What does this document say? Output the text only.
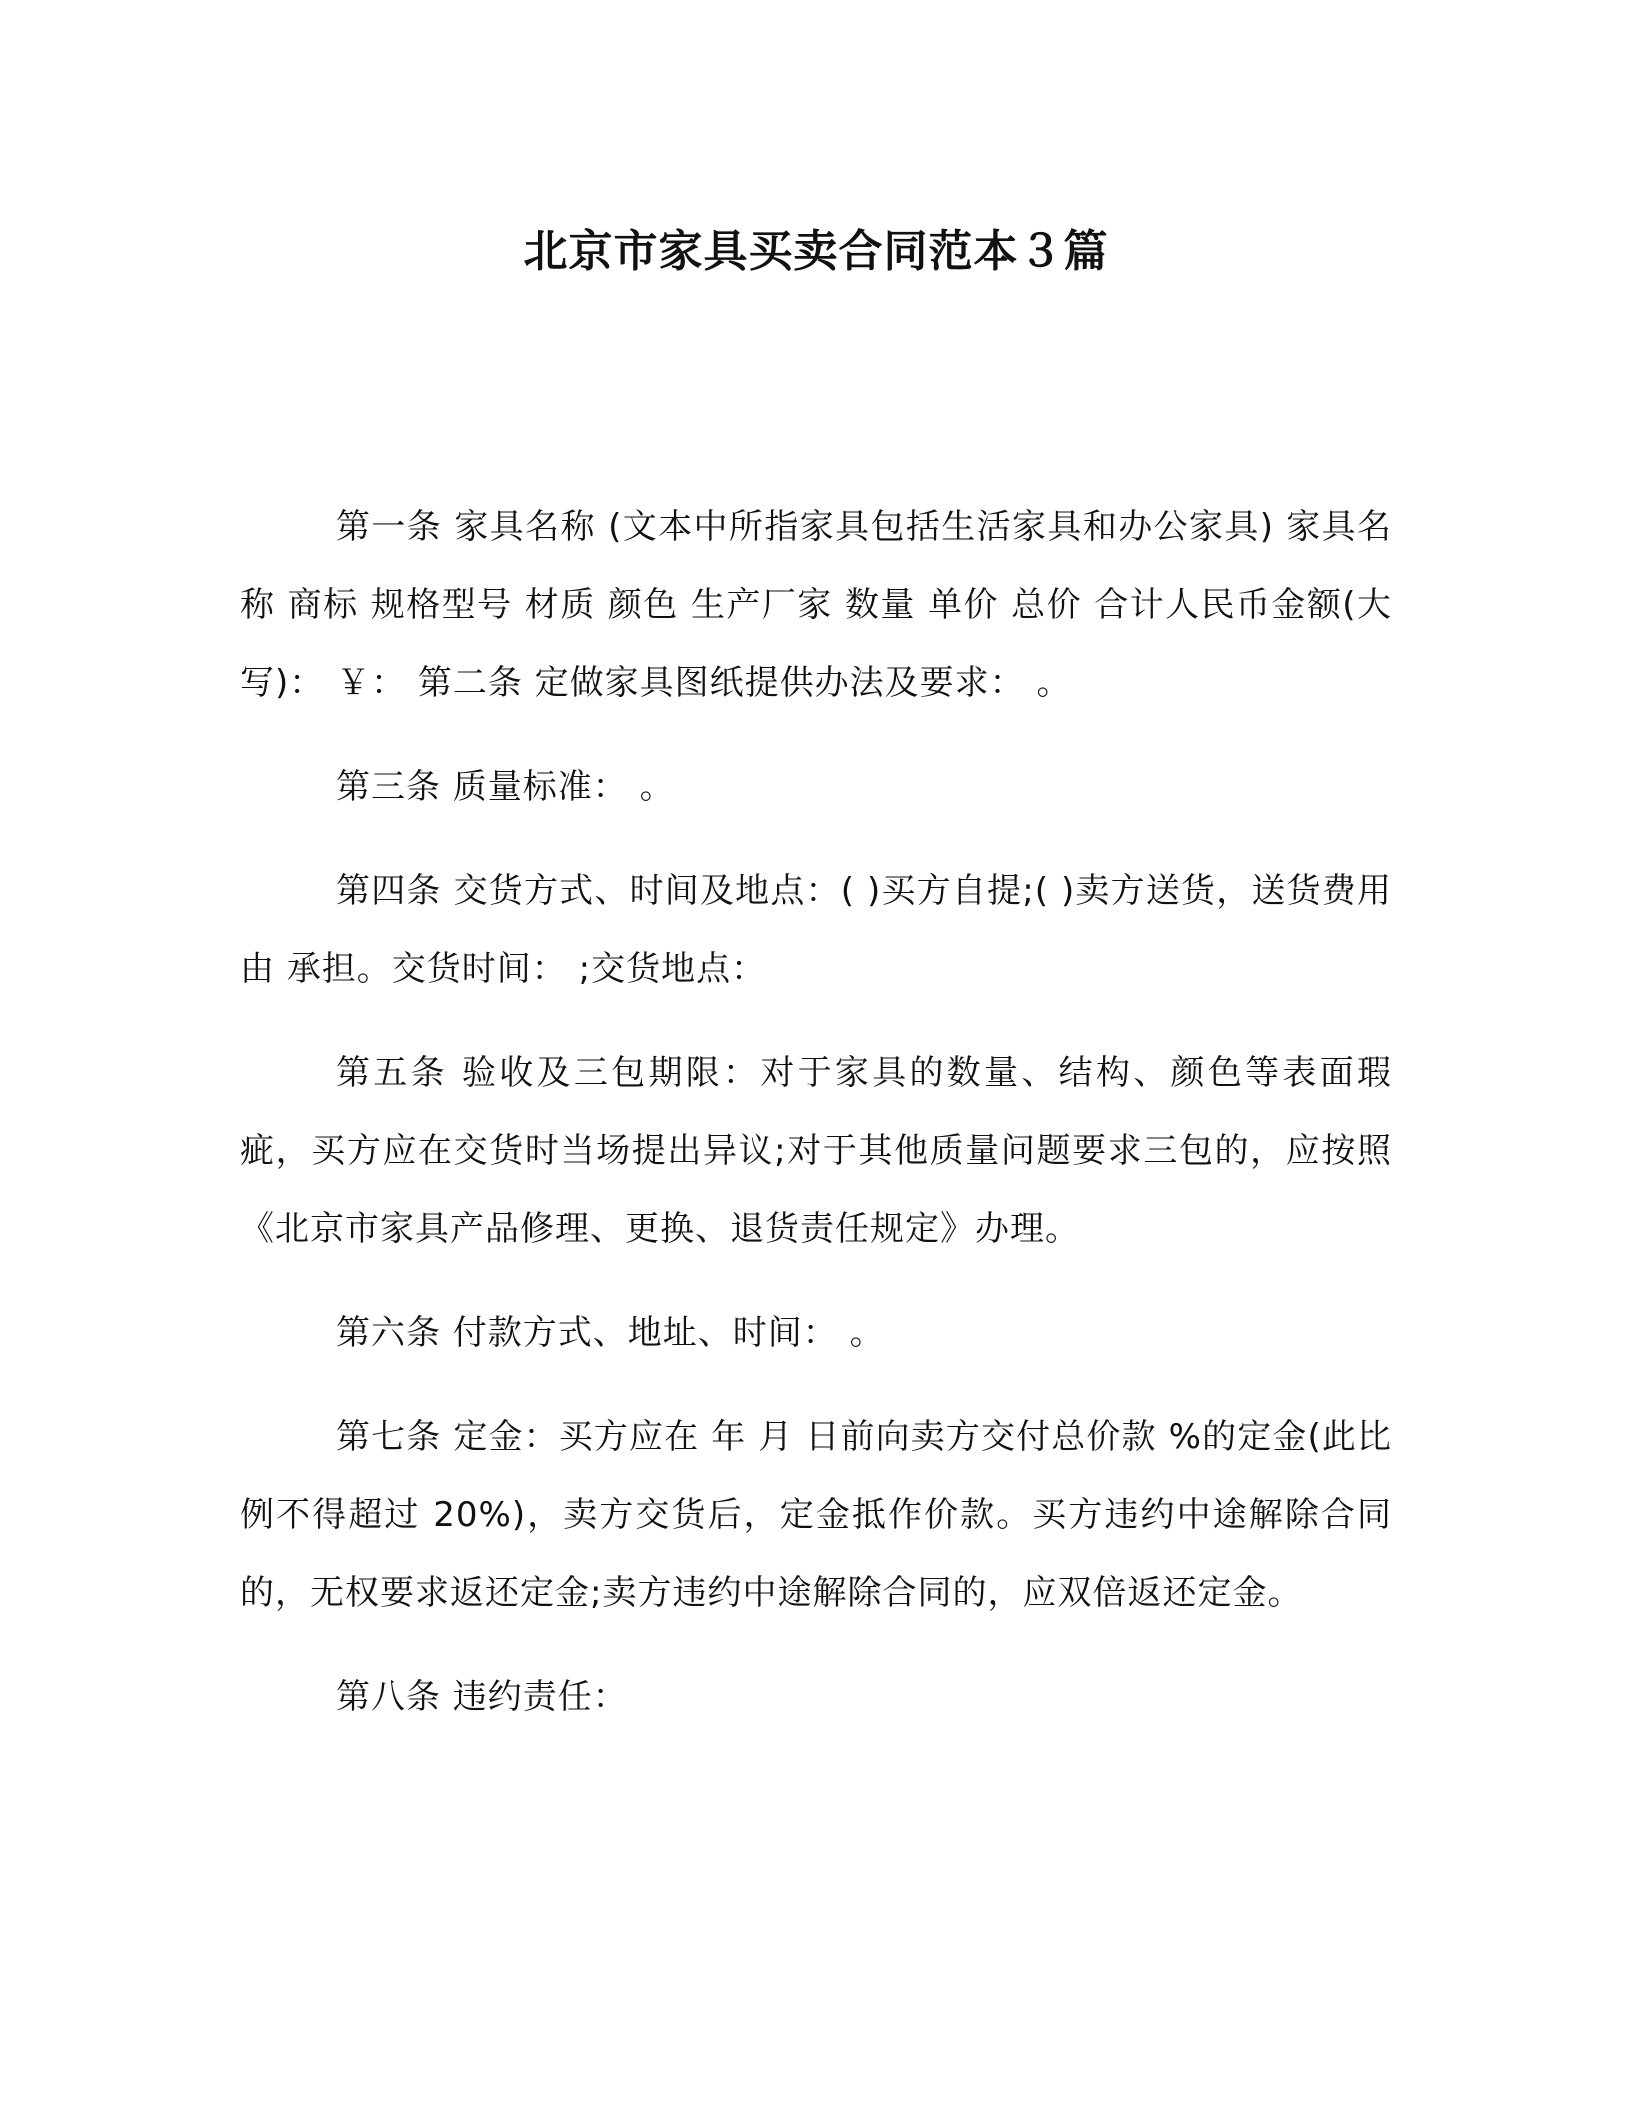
北京市家具买卖合同范本３篇

第一条 家具名称 (文本中所指家具包括生活家具和办公家具) 家具名称 商标 规格型号 材质 颜色 生产厂家 数量 单价 总价 合计人民币金额(大写)： ￥： 第二条 定做家具图纸提供办法及要求： 。

第三条 质量标准： 。

第四条 交货方式、时间及地点：( )买方自提;( )卖方送货，送货费用由 承担。交货时间： ;交货地点：

第五条 验收及三包期限：对于家具的数量、结构、颜色等表面瑕疵，买方应在交货时当场提出异议;对于其他质量问题要求三包的，应按照《北京市家具产品修理、更换、退货责任规定》办理。

第六条 付款方式、地址、时间： 。

第七条 定金：买方应在 年 月 日前向卖方交付总价款 %的定金(此比例不得超过 20%)，卖方交货后，定金抵作价款。买方违约中途解除合同的，无权要求返还定金;卖方违约中途解除合同的，应双倍返还定金。

第八条 违约责任：
